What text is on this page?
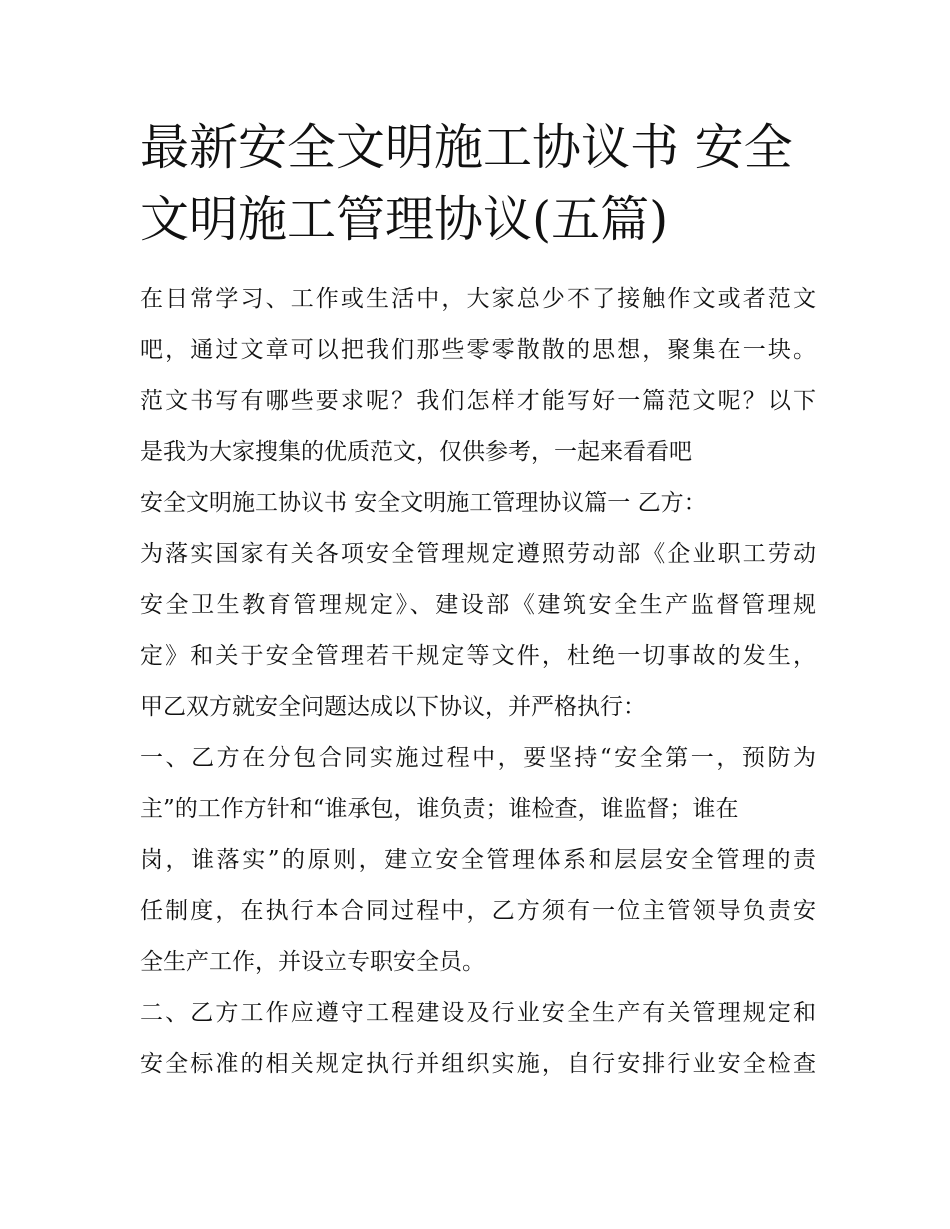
最新安全文明施工协议书 安全
文明施工管理协议(五篇)
在日常学习、工作或生活中，大家总少不了接触作文或者范文
吧，通过文章可以把我们那些零零散散的思想，聚集在一块。
范文书写有哪些要求呢？我们怎样才能写好一篇范文呢？以下
是我为大家搜集的优质范文，仅供参考，一起来看看吧
安全文明施工协议书 安全文明施工管理协议篇一 乙方：
为落实国家有关各项安全管理规定遵照劳动部《企业职工劳动
安全卫生教育管理规定》、建设部《建筑安全生产监督管理规
定》和关于安全管理若干规定等文件，杜绝一切事故的发生，
甲乙双方就安全问题达成以下协议，并严格执行：
一、乙方在分包合同实施过程中，要坚持“安全第一，预防为
主”的工作方针和“谁承包，谁负责；谁检查，谁监督；谁在
岗，谁落实”的原则，建立安全管理体系和层层安全管理的责
任制度，在执行本合同过程中，乙方须有一位主管领导负责安
全生产工作，并设立专职安全员。
二、乙方工作应遵守工程建设及行业安全生产有关管理规定和
安全标准的相关规定执行并组织实施，自行安排行业安全检查
